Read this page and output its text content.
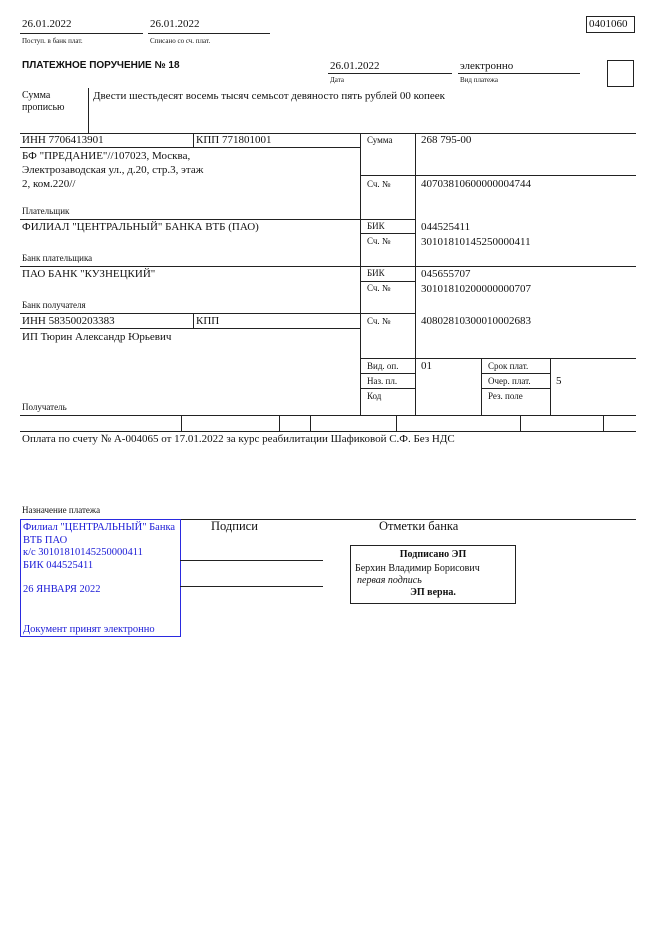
26.01.2022
Поступ. в банк плат.
26.01.2022
Списано со сч. плат.
0401060
ПЛАТЕЖНОЕ ПОРУЧЕНИЕ № 18	26.01.2022
Дата
электронно
Вид платежа
Сумма
прописью
Двести шестьдесят восемь тысяч семьсот девяносто пять рублей 00 копеек
ИНН 7706413901	КПП 771801001	Сумма	268 795-00
БФ "ПРЕДАНИЕ"//107023, Москва,
Электрозаводская ул., д.20, стр.3, этаж
2, ком.220//	Сч. №	40703810600000004744
Плательщик
ФИЛИАЛ "ЦЕНТРАЛЬНЫЙ" БАНКА ВТБ (ПАО)	БИК	044525411
Сч. №	30101810145250000411
Банк плательщика
ПАО БАНК "КУЗНЕЦКИЙ"	БИК	045655707
Сч. №	30101810200000000707
Банк получателя
ИНН 583500203383	КПП	Сч. №	40802810300010002683
ИП Тюрин Александр Юрьевич
Получатель
Вид. оп. 01
Наз. пл.
Код
Срок плат.
Очер. плат. 5
Рез. поле
Оплата по счету № А-004065 от 17.01.2022 за курс реабилитации Шафиковой С.Ф. Без НДС
Назначение платежа
Филиал "ЦЕНТРАЛЬНЫЙ" Банка
ВТБ ПАО
к/с 30101810145250000411
БИК 044525411
26 ЯНВАРЯ 2022
Документ принят электронно
Подписи	Отметки банка
Подписано ЭП
Берхин Владимир Борисович
первая подпись
ЭП верна.
